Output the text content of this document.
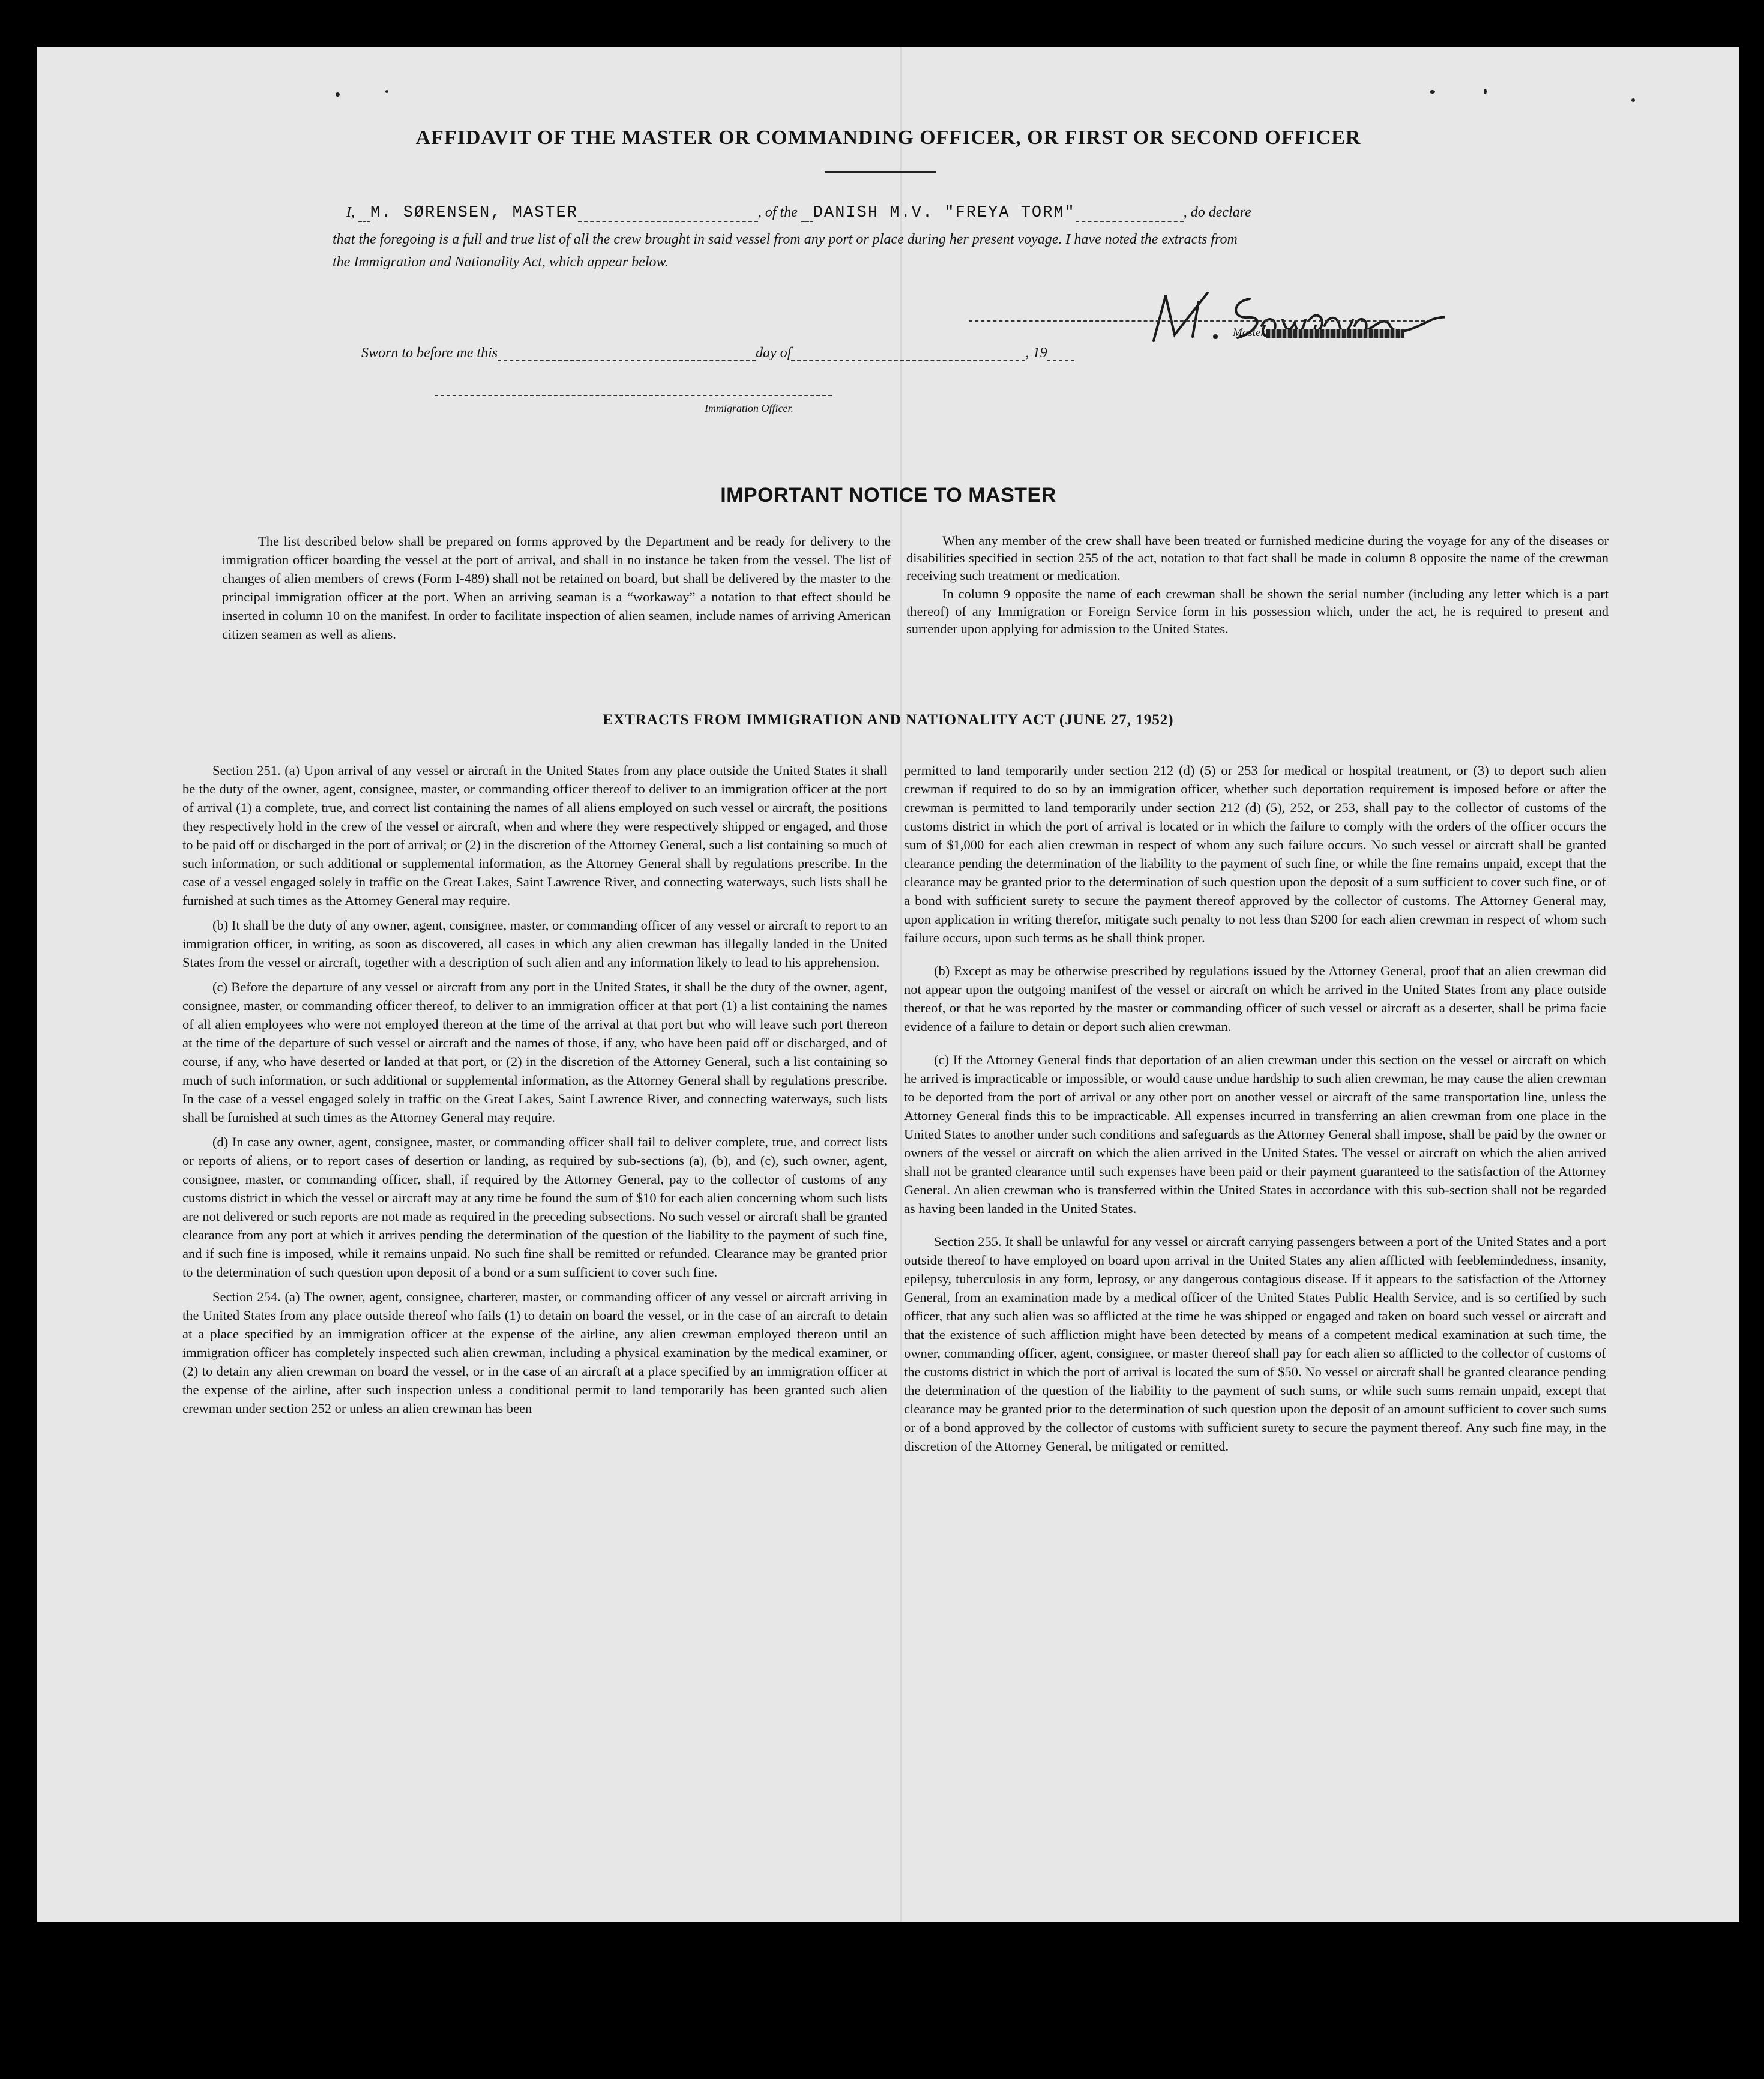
AFFIDAVIT OF THE MASTER OR COMMANDING OFFICER, OR FIRST OR SECOND OFFICER
I, M. SØRENSEN, MASTER	, of the DANISH M.V. "FREYA TORM"	, do declare
that the foregoing is a full and true list of all the crew brought in said vessel from any port or place during her present voyage. I have noted the extracts from
the Immigration and Nationality Act, which appear below.
Master
Sworn to before me this	day of	, 19
Immigration Officer.
IMPORTANT NOTICE TO MASTER

The list described below shall be prepared on forms approved by the Department and be ready for delivery to the immigration officer boarding the vessel at the port of arrival, and shall in no instance be taken from the vessel. The list of changes of alien members of crews (Form I-489) shall not be retained on board, but shall be delivered by the master to the principal immigration officer at the port. When an arriving seaman is a “workaway” a notation to that effect should be inserted in column 10 on the manifest. In order to facilitate inspection of alien seamen, include names of arriving American citizen seamen as well as aliens.

When any member of the crew shall have been treated or furnished medicine during the voyage for any of the diseases or disabilities specified in section 255 of the act, notation to that fact shall be made in column 8 opposite the name of the crewman receiving such treatment or medication.

In column 9 opposite the name of each crewman shall be shown the serial number (including any letter which is a part thereof) of any Immigration or Foreign Service form in his possession which, under the act, he is required to present and surrender upon applying for admission to the United States.

EXTRACTS FROM IMMIGRATION AND NATIONALITY ACT (JUNE 27, 1952)

Section 251. (a) Upon arrival of any vessel or aircraft in the United States from any place outside the United States it shall be the duty of the owner, agent, consignee, master, or commanding officer thereof to deliver to an immigration officer at the port of arrival (1) a complete, true, and correct list containing the names of all aliens employed on such vessel or aircraft, the positions they respectively hold in the crew of the vessel or aircraft, when and where they were respectively shipped or engaged, and those to be paid off or discharged in the port of arrival; or (2) in the discretion of the Attorney General, such a list containing so much of such information, or such additional or supplemental information, as the Attorney General shall by regulations prescribe. In the case of a vessel engaged solely in traffic on the Great Lakes, Saint Lawrence River, and connecting waterways, such lists shall be furnished at such times as the Attorney General may require.

(b) It shall be the duty of any owner, agent, consignee, master, or commanding officer of any vessel or aircraft to report to an immigration officer, in writing, as soon as discovered, all cases in which any alien crewman has illegally landed in the United States from the vessel or aircraft, together with a description of such alien and any information likely to lead to his apprehension.

(c) Before the departure of any vessel or aircraft from any port in the United States, it shall be the duty of the owner, agent, consignee, master, or commanding officer thereof, to deliver to an immigration officer at that port (1) a list containing the names of all alien employees who were not employed thereon at the time of the arrival at that port but who will leave such port thereon at the time of the departure of such vessel or aircraft and the names of those, if any, who have been paid off or discharged, and of course, if any, who have deserted or landed at that port, or (2) in the discretion of the Attorney General, such a list containing so much of such information, or such additional or supplemental information, as the Attorney General shall by regulations prescribe. In the case of a vessel engaged solely in traffic on the Great Lakes, Saint Lawrence River, and connecting waterways, such lists shall be furnished at such times as the Attorney General may require.

(d) In case any owner, agent, consignee, master, or commanding officer shall fail to deliver complete, true, and correct lists or reports of aliens, or to report cases of desertion or landing, as required by sub-sections (a), (b), and (c), such owner, agent, consignee, master, or commanding officer, shall, if required by the Attorney General, pay to the collector of customs of any customs district in which the vessel or aircraft may at any time be found the sum of $10 for each alien concerning whom such lists are not delivered or such reports are not made as required in the preceding subsections. No such vessel or aircraft shall be granted clearance from any port at which it arrives pending the determination of the question of the liability to the payment of such fine, and if such fine is imposed, while it remains unpaid. No such fine shall be remitted or refunded. Clearance may be granted prior to the determination of such question upon deposit of a bond or a sum sufficient to cover such fine.

Section 254. (a) The owner, agent, consignee, charterer, master, or commanding officer of any vessel or aircraft arriving in the United States from any place outside thereof who fails (1) to detain on board the vessel, or in the case of an aircraft to detain at a place specified by an immigration officer at the expense of the airline, any alien crewman employed thereon until an immigration officer has completely inspected such alien crewman, including a physical examination by the medical examiner, or (2) to detain any alien crewman on board the vessel, or in the case of an aircraft at a place specified by an immigration officer at the expense of the airline, after such inspection unless a conditional permit to land temporarily has been granted such alien crewman under section 252 or unless an alien crewman has been

permitted to land temporarily under section 212 (d) (5) or 253 for medical or hospital treatment, or (3) to deport such alien crewman if required to do so by an immigration officer, whether such deportation requirement is imposed before or after the crewman is permitted to land temporarily under section 212 (d) (5), 252, or 253, shall pay to the collector of customs of the customs district in which the port of arrival is located or in which the failure to comply with the orders of the officer occurs the sum of $1,000 for each alien crewman in respect of whom any such failure occurs. No such vessel or aircraft shall be granted clearance pending the determination of the liability to the payment of such fine, or while the fine remains unpaid, except that the clearance may be granted prior to the determination of such question upon the deposit of a sum sufficient to cover such fine, or of a bond with sufficient surety to secure the payment thereof approved by the collector of customs. The Attorney General may, upon application in writing therefor, mitigate such penalty to not less than $200 for each alien crewman in respect of whom such failure occurs, upon such terms as he shall think proper.

(b) Except as may be otherwise prescribed by regulations issued by the Attorney General, proof that an alien crewman did not appear upon the outgoing manifest of the vessel or aircraft on which he arrived in the United States from any place outside thereof, or that he was reported by the master or commanding officer of such vessel or aircraft as a deserter, shall be prima facie evidence of a failure to detain or deport such alien crewman.

(c) If the Attorney General finds that deportation of an alien crewman under this section on the vessel or aircraft on which he arrived is impracticable or impossible, or would cause undue hardship to such alien crewman, he may cause the alien crewman to be deported from the port of arrival or any other port on another vessel or aircraft of the same transportation line, unless the Attorney General finds this to be impracticable. All expenses incurred in transferring an alien crewman from one place in the United States to another under such conditions and safeguards as the Attorney General shall impose, shall be paid by the owner or owners of the vessel or aircraft on which the alien arrived in the United States. The vessel or aircraft on which the alien arrived shall not be granted clearance until such expenses have been paid or their payment guaranteed to the satisfaction of the Attorney General. An alien crewman who is transferred within the United States in accordance with this sub-section shall not be regarded as having been landed in the United States.

Section 255. It shall be unlawful for any vessel or aircraft carrying passengers between a port of the United States and a port outside thereof to have employed on board upon arrival in the United States any alien afflicted with feeblemindedness, insanity, epilepsy, tuberculosis in any form, leprosy, or any dangerous contagious disease. If it appears to the satisfaction of the Attorney General, from an examination made by a medical officer of the United States Public Health Service, and is so certified by such officer, that any such alien was so afflicted at the time he was shipped or engaged and taken on board such vessel or aircraft and that the existence of such affliction might have been detected by means of a competent medical examination at such time, the owner, commanding officer, agent, consignee, or master thereof shall pay for each alien so afflicted to the collector of customs of the customs district in which the port of arrival is located the sum of $50. No vessel or aircraft shall be granted clearance pending the determination of the question of the liability to the payment of such sums, or while such sums remain unpaid, except that clearance may be granted prior to the determination of such question upon the deposit of an amount sufficient to cover such sums or of a bond approved by the collector of customs with sufficient surety to secure the payment thereof. Any such fine may, in the discretion of the Attorney General, be mitigated or remitted.
